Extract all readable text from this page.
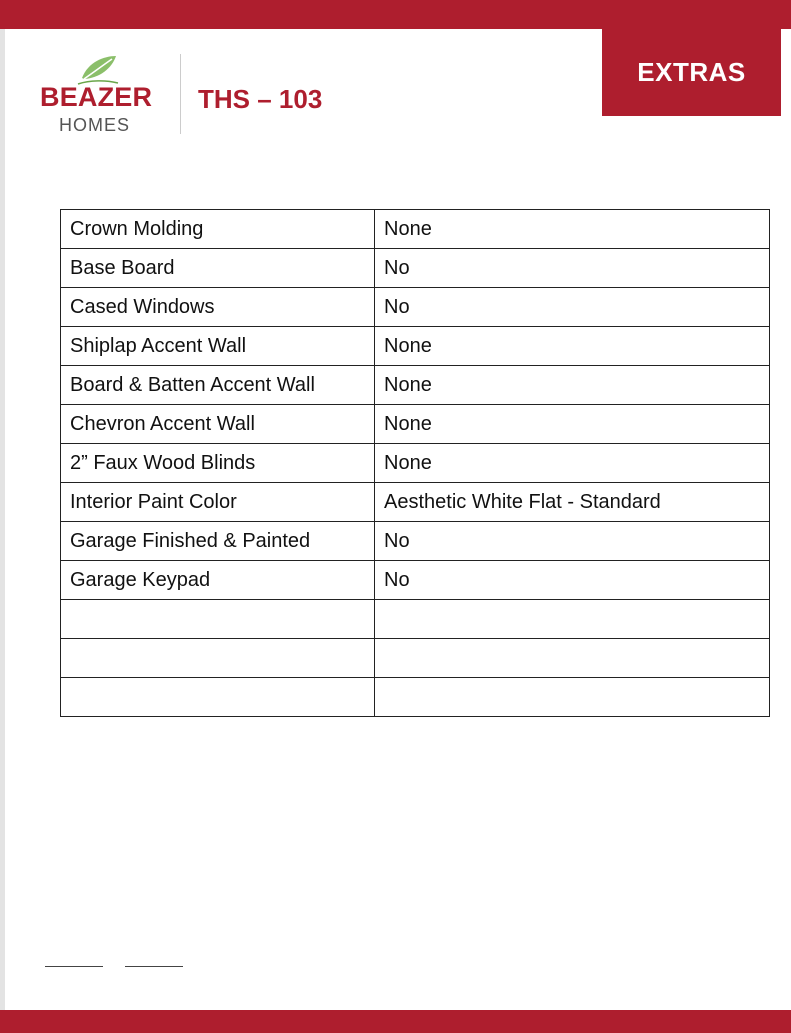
BEAZER
HOMES
THS – 103
EXTRAS
Crown Molding	None
Base Board	No
Cased Windows	No
Shiplap Accent Wall	None
Board & Batten Accent Wall	None
Chevron Accent Wall	None
2” Faux Wood Blinds	None
Interior Paint Color	Aesthetic White Flat - Standard
Garage Finished & Painted	No
Garage Keypad	No
